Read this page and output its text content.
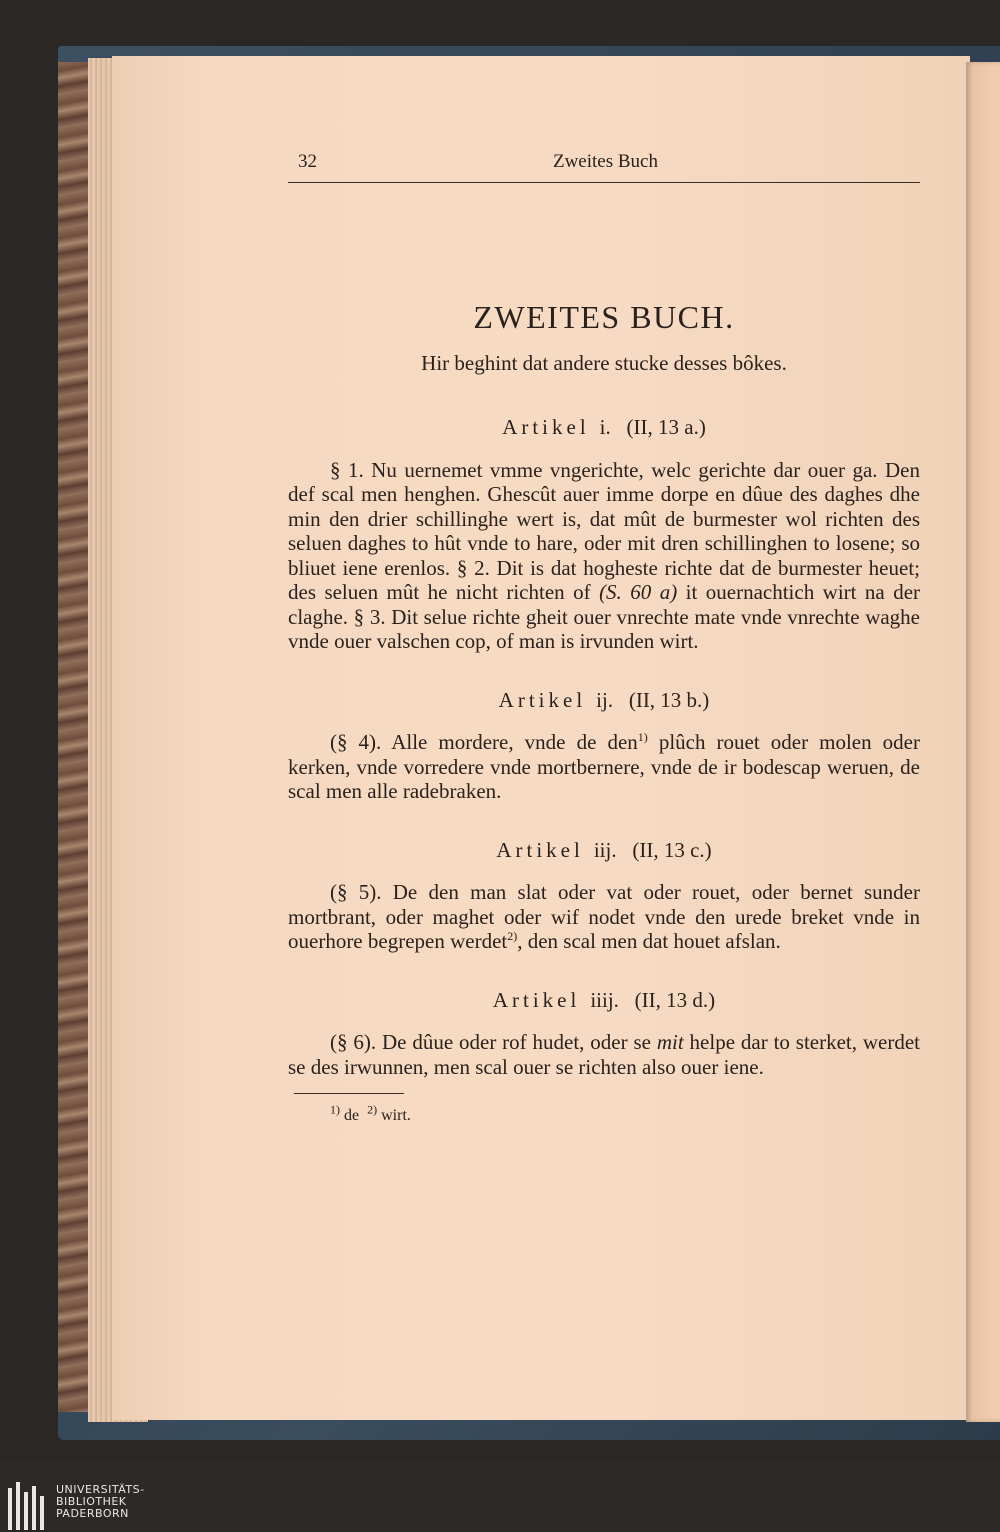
32	Zweites Buch
ZWEITES BUCH.
Hir beghint dat andere stucke desses bôkes.
Artikel i. (II, 13 a.)

§ 1. Nu uernemet vmme vngerichte, welc gerichte dar ouer ga. Den def scal men henghen. Ghescût auer imme dorpe en dûue des daghes dhe min den drier schillinghe wert is, dat mût de burmester wol richten des seluen daghes to hût vnde to hare, oder mit dren schillinghen to losene; so bliuet iene erenlos. § 2. Dit is dat hogheste richte dat de burmester heuet; des seluen mût he nicht richten of (S. 60 a) it ouernachtich wirt na der claghe. § 3. Dit selue richte gheit ouer vnrechte mate vnde vnrechte waghe vnde ouer valschen cop, of man is irvunden wirt.

Artikel ij. (II, 13 b.)

(§ 4). Alle mordere, vnde de den$^{1)}$ plûch rouet oder molen oder kerken, vnde vorredere vnde mortbernere, vnde de ir bodescap weruen, de scal men alle radebraken.

Artikel iij. (II, 13 c.)

(§ 5). De den man slat oder vat oder rouet, oder bernet sunder mortbrant, oder maghet oder wif nodet vnde den urede breket vnde in ouerhore begrepen werdet$^{2)}$, den scal men dat houet afslan.

Artikel iiij. (II, 13 d.)

(§ 6). De dûue oder rof hudet, oder se mit helpe dar to sterket, werdet se des irwunnen, men scal ouer se richten also ouer iene.

$^{1)}$ de $^{2)}$ wirt.
UNIVERSITÄTS-
BIBLIOTHEK
PADERBORN
